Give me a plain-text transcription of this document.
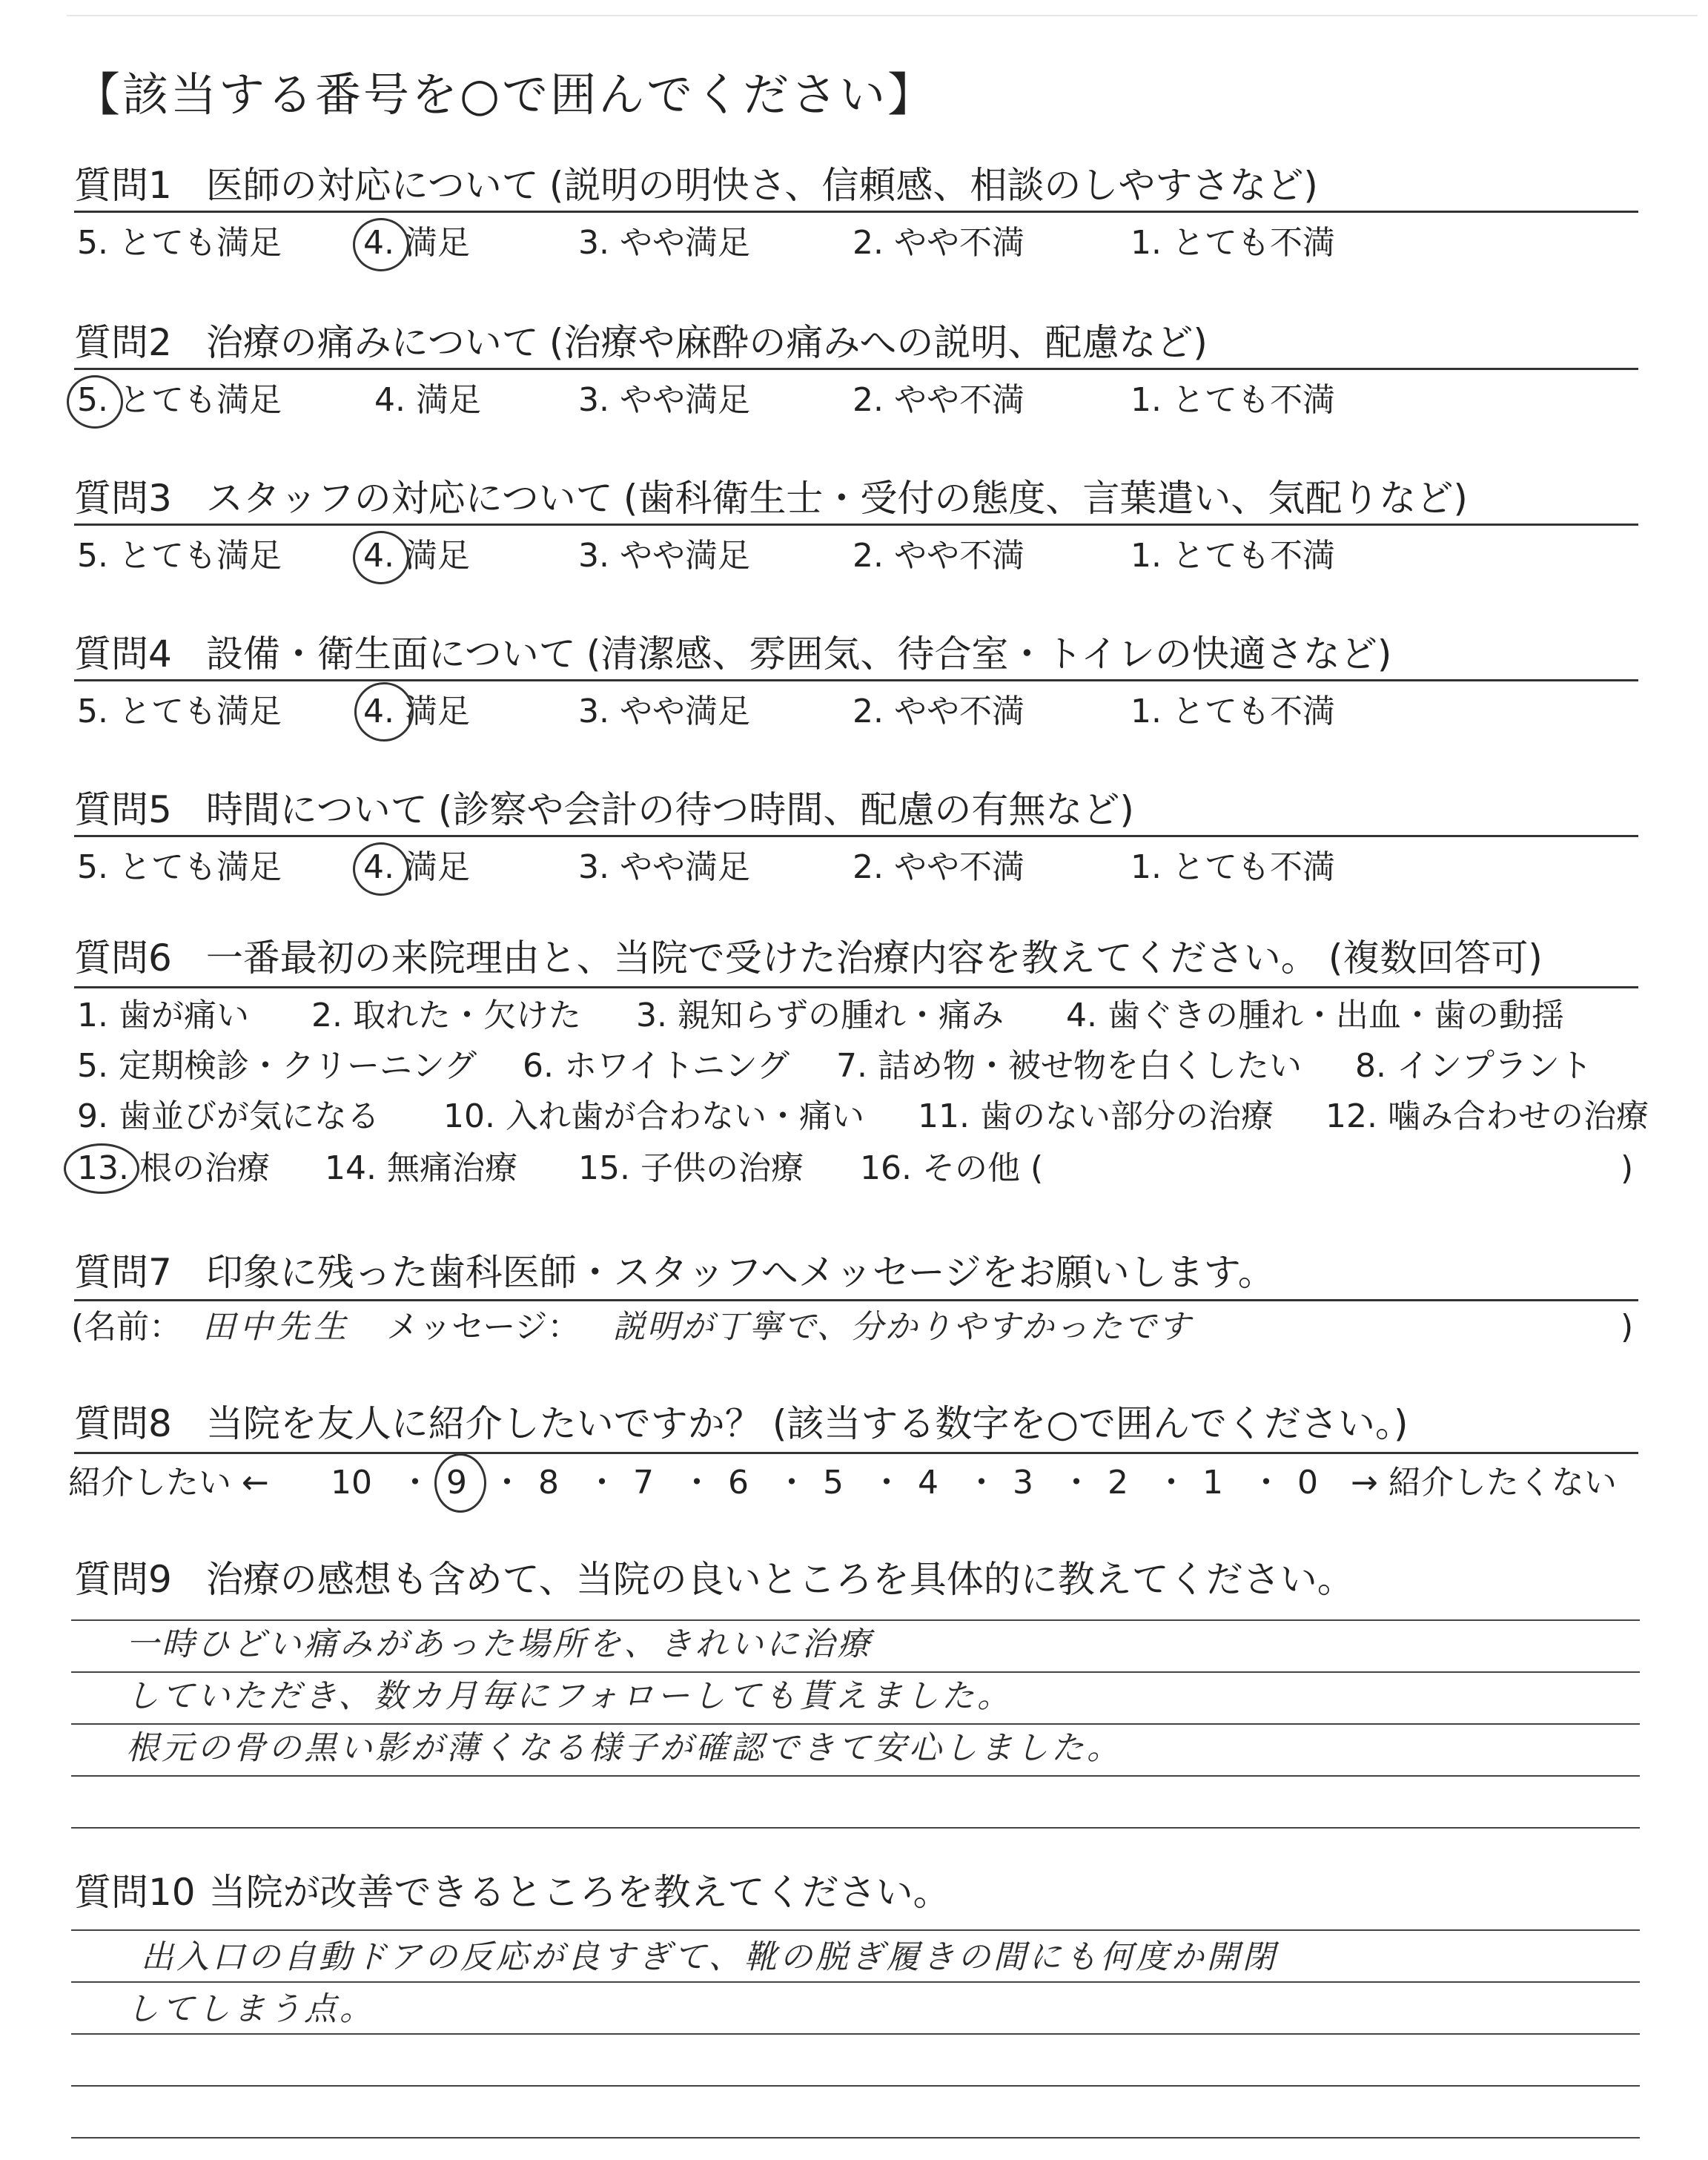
【該当する番号を○で囲んでください】
質問1 医師の対応について (説明の明快さ、信頼感、相談のしやすさなど)
5. とても満足	4. 満足	3. やや満足	2. やや不満	1. とても不満
質問2 治療の痛みについて (治療や麻酔の痛みへの説明、配慮など)
5. とても満足	4. 満足	3. やや満足	2. やや不満	1. とても不満
質問3 スタッフの対応について (歯科衛生士・受付の態度、言葉遣い、気配りなど)
5. とても満足	4. 満足	3. やや満足	2. やや不満	1. とても不満
質問4 設備・衛生面について (清潔感、雰囲気、待合室・トイレの快適さなど)
5. とても満足	4. 満足	3. やや満足	2. やや不満	1. とても不満
質問5 時間について (診察や会計の待つ時間、配慮の有無など)
5. とても満足	4. 満足	3. やや満足	2. やや不満	1. とても不満
質問6 一番最初の来院理由と、当院で受けた治療内容を教えてください。 (複数回答可)
1. 歯が痛い 2. 取れた・欠けた 3. 親知らずの腫れ・痛み 4. 歯ぐきの腫れ・出血・歯の動揺
5. 定期検診・クリーニング 6. ホワイトニング 7. 詰め物・被せ物を白くしたい 8. インプラント
9. 歯並びが気になる 10. 入れ歯が合わない・痛い 11. 歯のない部分の治療 12. 噛み合わせの治療
13. 根の治療 14. 無痛治療 15. 子供の治療 16. その他 (	)
質問7 印象に残った歯科医師・スタッフへメッセージをお願いします。
(名前： 田中先生 メッセージ： 説明が丁寧で、分かりやすかったです	)
質問8 当院を友人に紹介したいですか？ (該当する数字を○で囲んでください。)
紹介したい ← 10 ・ 9 ・ 8 ・ 7 ・ 6 ・ 5 ・ 4 ・ 3 ・ 2 ・ 1 ・ 0 → 紹介したくない
質問9 治療の感想も含めて、当院の良いところを具体的に教えてください。
一時ひどい痛みがあった場所を、きれいに治療
していただき、数カ月毎にフォローしても貰えました。
根元の骨の黒い影が薄くなる様子が確認できて安心しました。
質問10 当院が改善できるところを教えてください。
出入口の自動ドアの反応が良すぎて、靴の脱ぎ履きの間にも何度か開閉
してしまう点。
